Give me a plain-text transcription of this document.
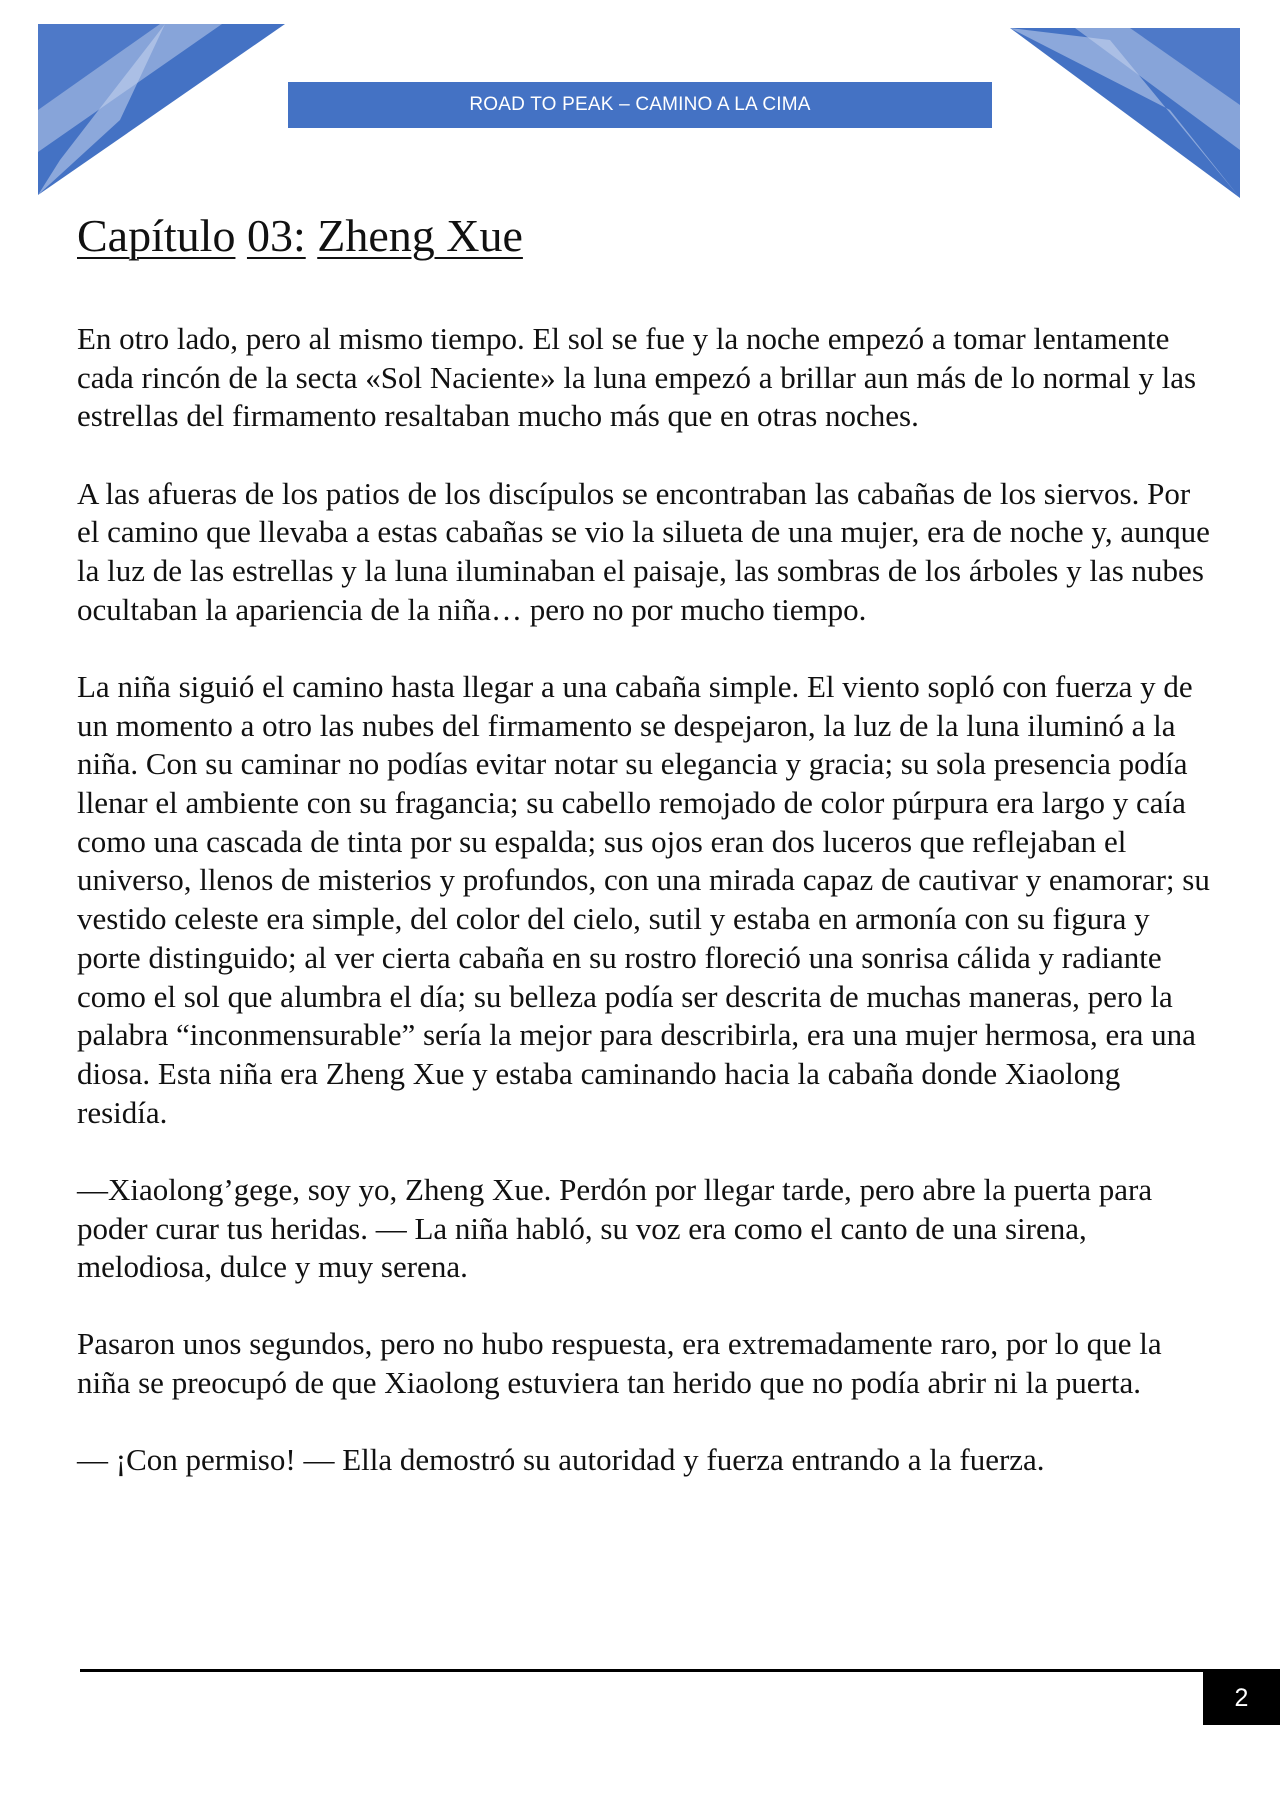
ROAD TO PEAK – CAMINO A LA CIMA
Capítulo 03: Zheng Xue

En otro lado, pero al mismo tiempo. El sol se fue y la noche empezó a tomar lentamente cada rincón de la secta «Sol Naciente» la luna empezó a brillar aun más de lo normal y las estrellas del firmamento resaltaban mucho más que en otras noches.

A las afueras de los patios de los discípulos se encontraban las cabañas de los siervos. Por el camino que llevaba a estas cabañas se vio la silueta de una mujer, era de noche y, aunque la luz de las estrellas y la luna iluminaban el paisaje, las sombras de los árboles y las nubes ocultaban la apariencia de la niña… pero no por mucho tiempo.

La niña siguió el camino hasta llegar a una cabaña simple. El viento sopló con fuerza y de un momento a otro las nubes del firmamento se despejaron, la luz de la luna iluminó a la niña. Con su caminar no podías evitar notar su elegancia y gracia; su sola presencia podía llenar el ambiente con su fragancia; su cabello remojado de color púrpura era largo y caía como una cascada de tinta por su espalda; sus ojos eran dos luceros que reflejaban el universo, llenos de misterios y profundos, con una mirada capaz de cautivar y enamorar; su vestido celeste era simple, del color del cielo, sutil y estaba en armonía con su figura y porte distinguido; al ver cierta cabaña en su rostro floreció una sonrisa cálida y radiante como el sol que alumbra el día; su belleza podía ser descrita de muchas maneras, pero la palabra “inconmensurable” sería la mejor para describirla, era una mujer hermosa, era una diosa. Esta niña era Zheng Xue y estaba caminando hacia la cabaña donde Xiaolong residía.

—Xiaolong’gege, soy yo, Zheng Xue. Perdón por llegar tarde, pero abre la puerta para poder curar tus heridas. — La niña habló, su voz era como el canto de una sirena, melodiosa, dulce y muy serena.

Pasaron unos segundos, pero no hubo respuesta, era extremadamente raro, por lo que la niña se preocupó de que Xiaolong estuviera tan herido que no podía abrir ni la puerta.

— ¡Con permiso! — Ella demostró su autoridad y fuerza entrando a la fuerza.

2
